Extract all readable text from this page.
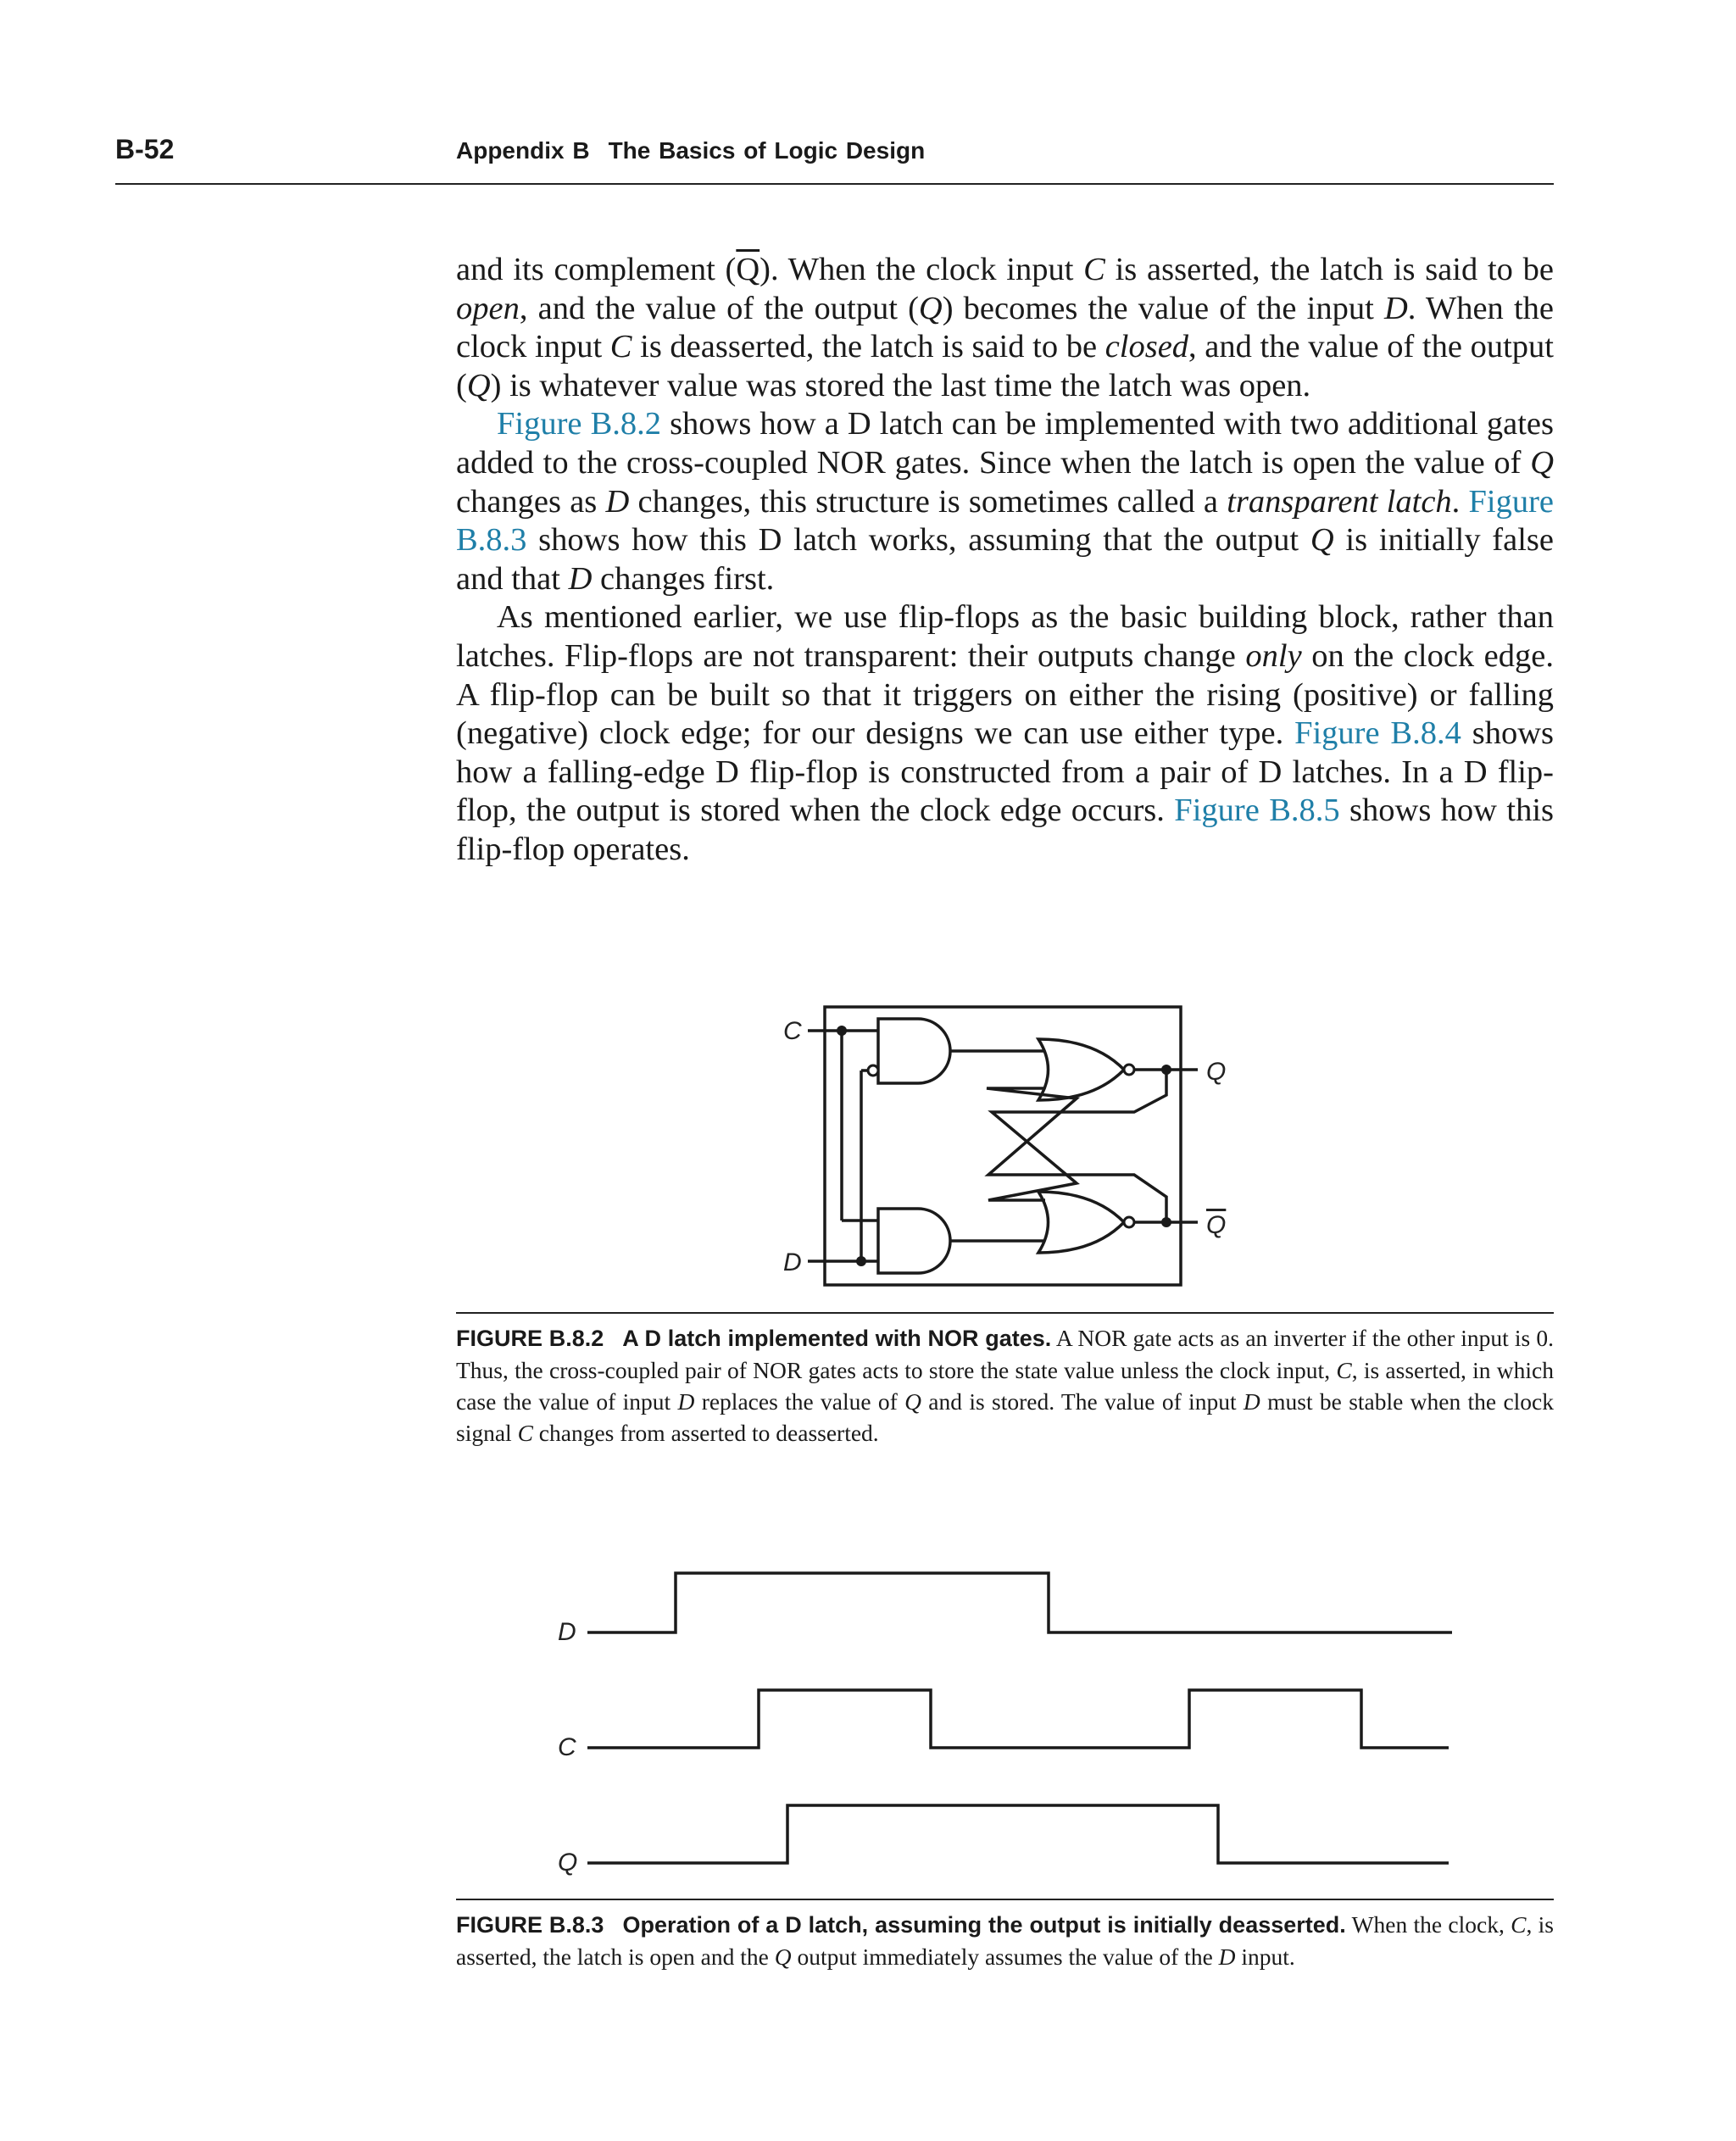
B-52	Appendix B The Basics of Logic Design

and its complement $(\overline{Q})$. When the clock input C is asserted, the latch is said to be open, and the value of the output (Q) becomes the value of the input D. When the clock input C is deasserted, the latch is said to be closed, and the value of the output (Q) is whatever value was stored the last time the latch was open.

Figure B.8.2 shows how a D latch can be implemented with two additional gates added to the cross-coupled NOR gates. Since when the latch is open the value of Q changes as D changes, this structure is sometimes called a transparent latch. Figure B.8.3 shows how this D latch works, assuming that the output Q is initially false and that D changes first.

As mentioned earlier, we use flip-flops as the basic building block, rather than latches. Flip-flops are not transparent: their outputs change only on the clock edge. A flip-flop can be built so that it triggers on either the rising (positive) or falling (negative) clock edge; for our designs we can use either type. Figure B.8.4 shows how a falling-edge D flip-flop is constructed from a pair of D latches. In a D flip-flop, the output is stored when the clock edge occurs. Figure B.8.5 shows how this flip-flop operates.

C
D
Q
Q
FIGURE B.8.2 A D latch implemented with NOR gates. A NOR gate acts as an inverter if the other input is 0. Thus, the cross-coupled pair of NOR gates acts to store the state value unless the clock input, C, is asserted, in which case the value of input D replaces the value of Q and is stored. The value of input D must be stable when the clock signal C changes from asserted to deasserted.
D
C
Q
FIGURE B.8.3 Operation of a D latch, assuming the output is initially deasserted. When the clock, C, is asserted, the latch is open and the Q output immediately assumes the value of the D input.
